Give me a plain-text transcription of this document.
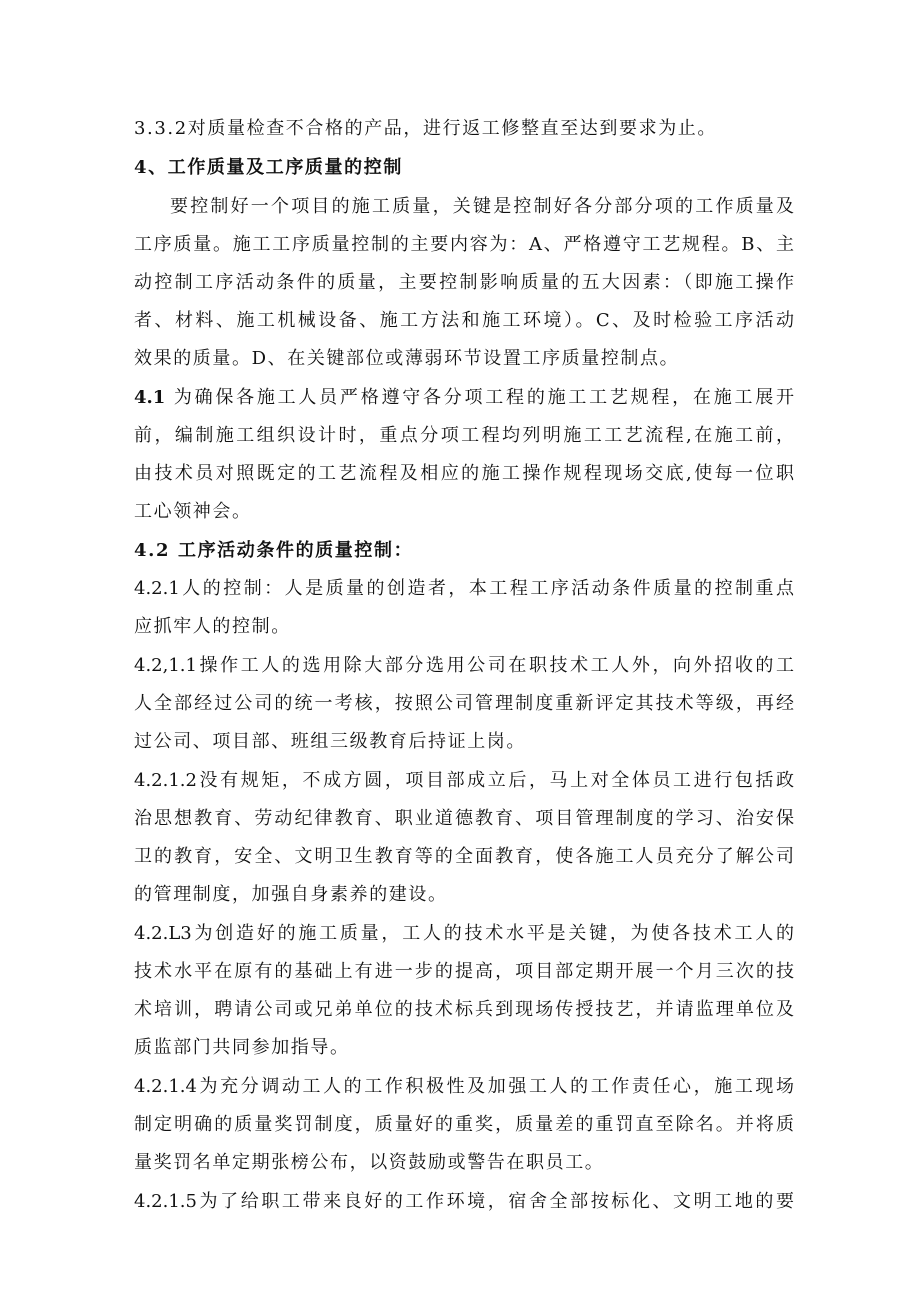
3.3.2对质量检查不合格的产品，进行返工修整直至达到要求为止。
4、工作质量及工序质量的控制
要控制好一个项目的施工质量，关键是控制好各分部分项的工作质量及
工序质量。施工工序质量控制的主要内容为：A、严格遵守工艺规程。B、主
动控制工序活动条件的质量，主要控制影响质量的五大因素：（即施工操作
者、材料、施工机械设备、施工方法和施工环境）。C、及时检验工序活动
效果的质量。D、在关键部位或薄弱环节设置工序质量控制点。
4.1 为确保各施工人员严格遵守各分项工程的施工工艺规程，在施工展开
前，编制施工组织设计时，重点分项工程均列明施工工艺流程,在施工前，
由技术员对照既定的工艺流程及相应的施工操作规程现场交底,使每一位职
工心领神会。
4.2 工序活动条件的质量控制：
4.2.1人的控制：人是质量的创造者，本工程工序活动条件质量的控制重点
应抓牢人的控制。
4.2,1.1操作工人的选用除大部分选用公司在职技术工人外，向外招收的工
人全部经过公司的统一考核，按照公司管理制度重新评定其技术等级，再经
过公司、项目部、班组三级教育后持证上岗。
4.2.1.2没有规矩，不成方圆，项目部成立后，马上对全体员工进行包括政
治思想教育、劳动纪律教育、职业道德教育、项目管理制度的学习、治安保
卫的教育，安全、文明卫生教育等的全面教育，使各施工人员充分了解公司
的管理制度，加强自身素养的建设。
4.2.L3为创造好的施工质量，工人的技术水平是关键，为使各技术工人的
技术水平在原有的基础上有进一步的提高，项目部定期开展一个月三次的技
术培训，聘请公司或兄弟单位的技术标兵到现场传授技艺，并请监理单位及
质监部门共同参加指导。
4.2.1.4为充分调动工人的工作积极性及加强工人的工作责任心，施工现场
制定明确的质量奖罚制度，质量好的重奖，质量差的重罚直至除名。并将质
量奖罚名单定期张榜公布，以资鼓励或警告在职员工。
4.2.1.5为了给职工带来良好的工作环境，宿舍全部按标化、文明工地的要
